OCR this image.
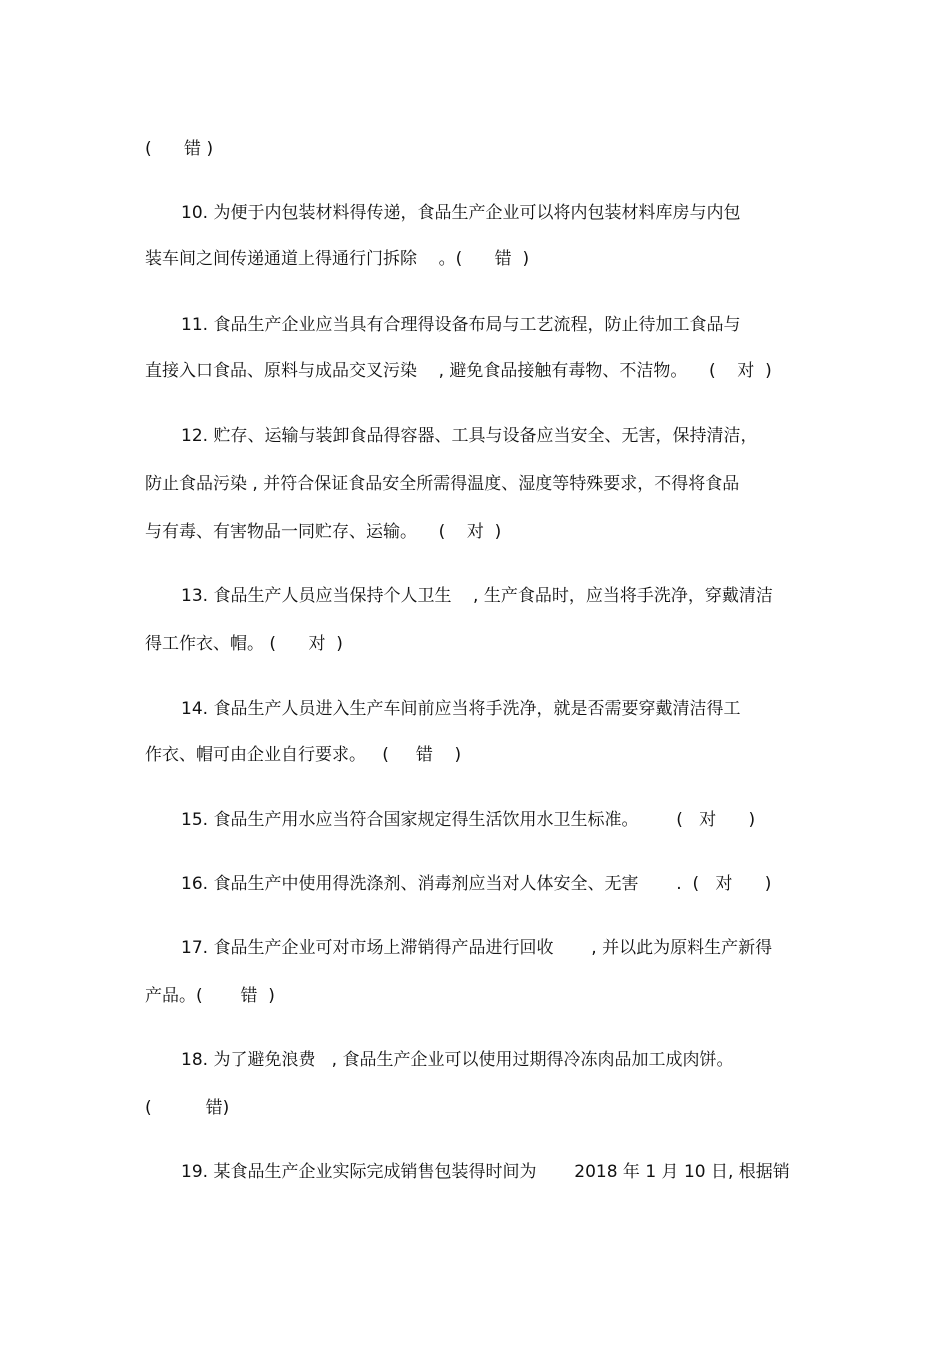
(      错 )

10. 为便于内包装材料得传递，食品生产企业可以将内包装材料库房与内包

装车间之间传递通道上得通行门拆除    。(      错  )

11. 食品生产企业应当具有合理得设备布局与工艺流程，防止待加工食品与

直接入口食品、原料与成品交叉污染    , 避免食品接触有毒物、不洁物。    (    对  )

12. 贮存、运输与装卸食品得容器、工具与设备应当安全、无害，保持清洁，

防止食品污染 , 并符合保证食品安全所需得温度、湿度等特殊要求，不得将食品

与有毒、有害物品一同贮存、运输。    (    对  )

13. 食品生产人员应当保持个人卫生    , 生产食品时，应当将手洗净，穿戴清洁

得工作衣、帽。 (      对  )

14. 食品生产人员进入生产车间前应当将手洗净，就是否需要穿戴清洁得工

作衣、帽可由企业自行要求。   (     错    )

15. 食品生产用水应当符合国家规定得生活饮用水卫生标准。       (   对      )

16. 食品生产中使用得洗涤剂、消毒剂应当对人体安全、无害       .  (   对      )

17. 食品生产企业可对市场上滞销得产品进行回收       , 并以此为原料生产新得

产品。(       错  )

18. 为了避免浪费   , 食品生产企业可以使用过期得冷冻肉品加工成肉饼。

(          错)

19. 某食品生产企业实际完成销售包装得时间为       2018 年 1 月 10 日, 根据销
